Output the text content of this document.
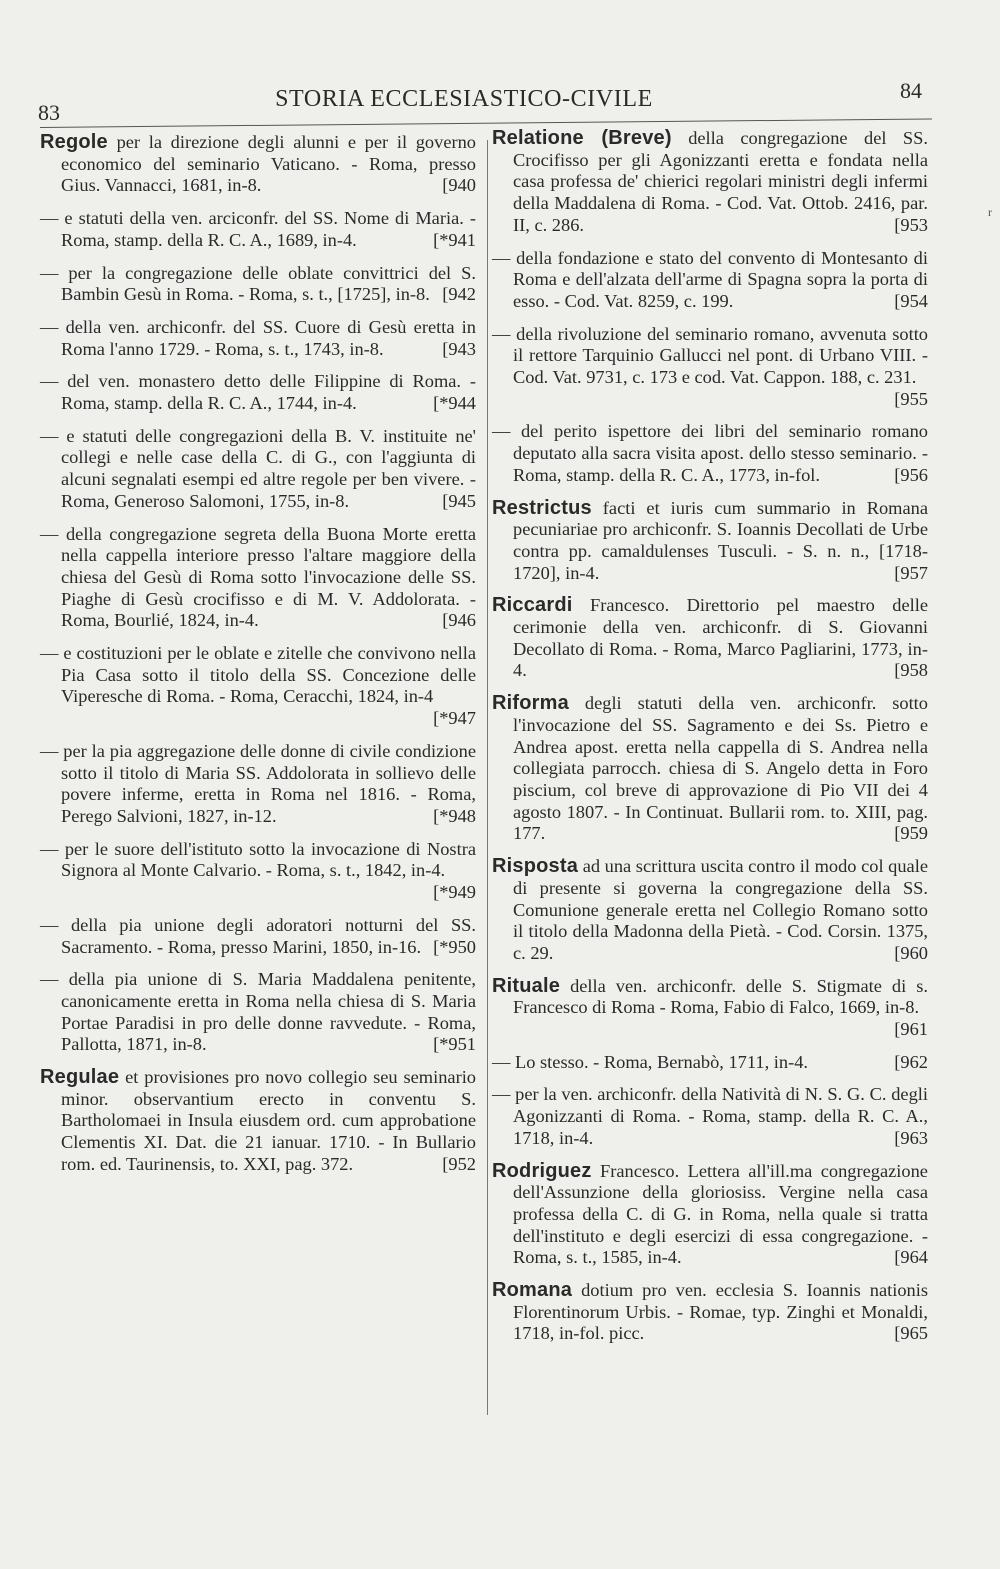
83
STORIA ECCLESIASTICO-CIVILE	84
r
Regole per la direzione degli alunni e per il governo economico del seminario Vaticano. - Roma, presso Gius. Vannacci, 1681, in-8.	[940
— e statuti della ven. arciconfr. del SS. Nome di Maria. - Roma, stamp. della R. C. A., 1689, in-4.	[*941
— per la congregazione delle oblate convittrici del S. Bambin Gesù in Roma. - Roma, s. t., [1725], in-8. [942
— della ven. archiconfr. del SS. Cuore di Gesù eretta in Roma l'anno 1729. - Roma, s. t., 1743, in-8.	[943
— del ven. monastero detto delle Filippine di Roma. - Roma, stamp. della R. C. A., 1744, in-4.	[*944
— e statuti delle congregazioni della B. V. instituite ne' collegi e nelle case della C. di G., con l'aggiunta di alcuni segnalati esempi ed altre regole per ben vivere. - Roma, Generoso Salomoni, 1755, in-8.	[945
— della congregazione segreta della Buona Morte eretta nella cappella interiore presso l'altare maggiore della chiesa del Gesù di Roma sotto l'invocazione delle SS. Piaghe di Gesù crocifisso e di M. V. Addolorata. - Roma, Bourlié, 1824, in-4.	[946
— e costituzioni per le oblate e zitelle che convivono nella Pia Casa sotto il titolo della SS. Concezione delle Viperesche di Roma. - Roma, Ceracchi, 1824, in-4
[*947
— per la pia aggregazione delle donne di civile condizione sotto il titolo di Maria SS. Addolorata in sollievo delle povere inferme, eretta in Roma nel 1816. - Roma, Perego Salvioni, 1827, in-12.	[*948
— per le suore dell'istituto sotto la invocazione di Nostra Signora al Monte Calvario. - Roma, s. t., 1842, in-4.
[*949
— della pia unione degli adoratori notturni del SS. Sacramento. - Roma, presso Marini, 1850, in-16. [*950
— della pia unione di S. Maria Maddalena penitente, canonicamente eretta in Roma nella chiesa di S. Maria Portae Paradisi in pro delle donne ravvedute. - Roma, Pallotta, 1871, in-8.	[*951
Regulae et provisiones pro novo collegio seu seminario minor. observantium erecto in conventu S. Bartholomaei in Insula eiusdem ord. cum approbatione Clementis XI. Dat. die 21 ianuar. 1710. - In Bullario rom. ed. Taurinensis, to. XXI, pag. 372.	[952
Relatione (Breve) della congregazione del SS. Crocifisso per gli Agonizzanti eretta e fondata nella casa professa de' chierici regolari ministri degli infermi della Maddalena di Roma. - Cod. Vat. Ottob. 2416, par. II, c. 286.	[953
— della fondazione e stato del convento di Montesanto di Roma e dell'alzata dell'arme di Spagna sopra la porta di esso. - Cod. Vat. 8259, c. 199.	[954
— della rivoluzione del seminario romano, avvenuta sotto il rettore Tarquinio Gallucci nel pont. di Urbano VIII. - Cod. Vat. 9731, c. 173 e cod. Vat. Cappon. 188, c. 231.
[955
— del perito ispettore dei libri del seminario romano deputato alla sacra visita apost. dello stesso seminario. - Roma, stamp. della R. C. A., 1773, in-fol.	[956
Restrictus facti et iuris cum summario in Romana pecuniariae pro archiconfr. S. Ioannis Decollati de Urbe contra pp. camaldulenses Tusculi. - S. n. n., [1718-1720], in-4.	[957
Riccardi Francesco. Direttorio pel maestro delle cerimonie della ven. archiconfr. di S. Giovanni Decollato di Roma. - Roma, Marco Pagliarini, 1773, in-4.	[958
Riforma degli statuti della ven. archiconfr. sotto l'invocazione del SS. Sagramento e dei Ss. Pietro e Andrea apost. eretta nella cappella di S. Andrea nella collegiata parrocch. chiesa di S. Angelo detta in Foro piscium, col breve di approvazione di Pio VII dei 4 agosto 1807. - In Continuat. Bullarii rom. to. XIII, pag. 177.	[959
Risposta ad una scrittura uscita contro il modo col quale di presente si governa la congregazione della SS. Comunione generale eretta nel Collegio Romano sotto il titolo della Madonna della Pietà. - Cod. Corsin. 1375, c. 29.	[960
Rituale della ven. archiconfr. delle S. Stigmate di s. Francesco di Roma - Roma, Fabio di Falco, 1669, in-8.
[961
— Lo stesso. - Roma, Bernabò, 1711, in-4.	[962
— per la ven. archiconfr. della Natività di N. S. G. C. degli Agonizzanti di Roma. - Roma, stamp. della R. C. A., 1718, in-4.	[963
Rodriguez Francesco. Lettera all'ill.ma congregazione dell'Assunzione della gloriosiss. Vergine nella casa professa della C. di G. in Roma, nella quale si tratta dell'instituto e degli esercizi di essa congregazione. - Roma, s. t., 1585, in-4.	[964
Romana dotium pro ven. ecclesia S. Ioannis nationis Florentinorum Urbis. - Romae, typ. Zinghi et Monaldi, 1718, in-fol. picc.	[965
